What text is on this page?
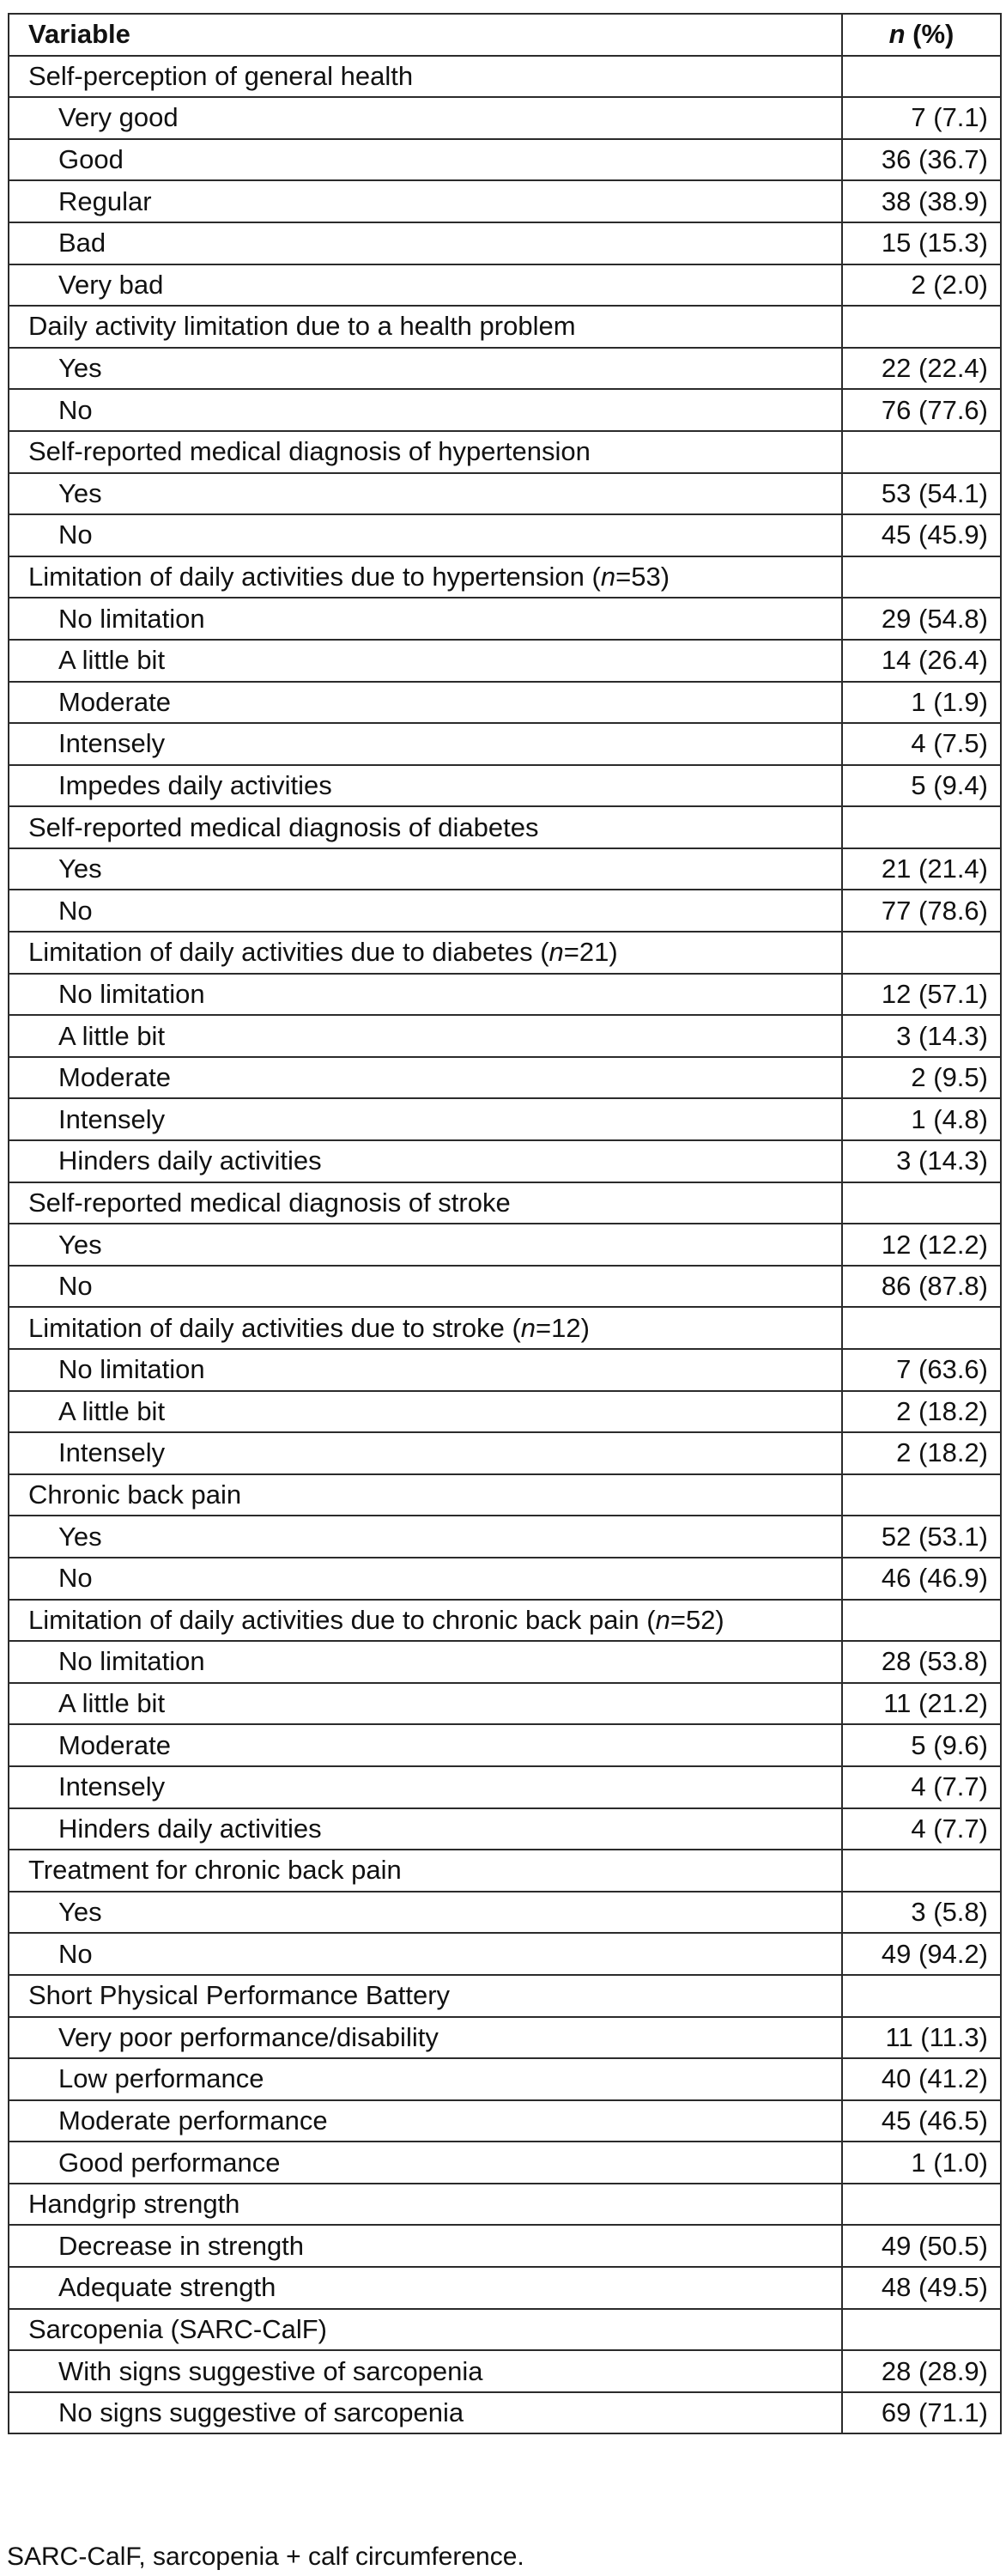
Variable	n (%)
Self-perception of general health	
Very good	7 (7.1)
Good	36 (36.7)
Regular	38 (38.9)
Bad	15 (15.3)
Very bad	2 (2.0)
Daily activity limitation due to a health problem	
Yes	22 (22.4)
No	76 (77.6)
Self-reported medical diagnosis of hypertension	
Yes	53 (54.1)
No	45 (45.9)
Limitation of daily activities due to hypertension (n=53)	
No limitation	29 (54.8)
A little bit	14 (26.4)
Moderate	1 (1.9)
Intensely	4 (7.5)
Impedes daily activities	5 (9.4)
Self-reported medical diagnosis of diabetes	
Yes	21 (21.4)
No	77 (78.6)
Limitation of daily activities due to diabetes (n=21)	
No limitation	12 (57.1)
A little bit	3 (14.3)
Moderate	2 (9.5)
Intensely	1 (4.8)
Hinders daily activities	3 (14.3)
Self-reported medical diagnosis of stroke	
Yes	12 (12.2)
No	86 (87.8)
Limitation of daily activities due to stroke (n=12)	
No limitation	7 (63.6)
A little bit	2 (18.2)
Intensely	2 (18.2)
Chronic back pain	
Yes	52 (53.1)
No	46 (46.9)
Limitation of daily activities due to chronic back pain (n=52)	
No limitation	28 (53.8)
A little bit	11 (21.2)
Moderate	5 (9.6)
Intensely	4 (7.7)
Hinders daily activities	4 (7.7)
Treatment for chronic back pain	
Yes	3 (5.8)
No	49 (94.2)
Short Physical Performance Battery	
Very poor performance/disability	11 (11.3)
Low performance	40 (41.2)
Moderate performance	45 (46.5)
Good performance	1 (1.0)
Handgrip strength	
Decrease in strength	49 (50.5)
Adequate strength	48 (49.5)
Sarcopenia (SARC-CalF)	
With signs suggestive of sarcopenia	28 (28.9)
No signs suggestive of sarcopenia	69 (71.1)
SARC-CalF, sarcopenia + calf circumference.
